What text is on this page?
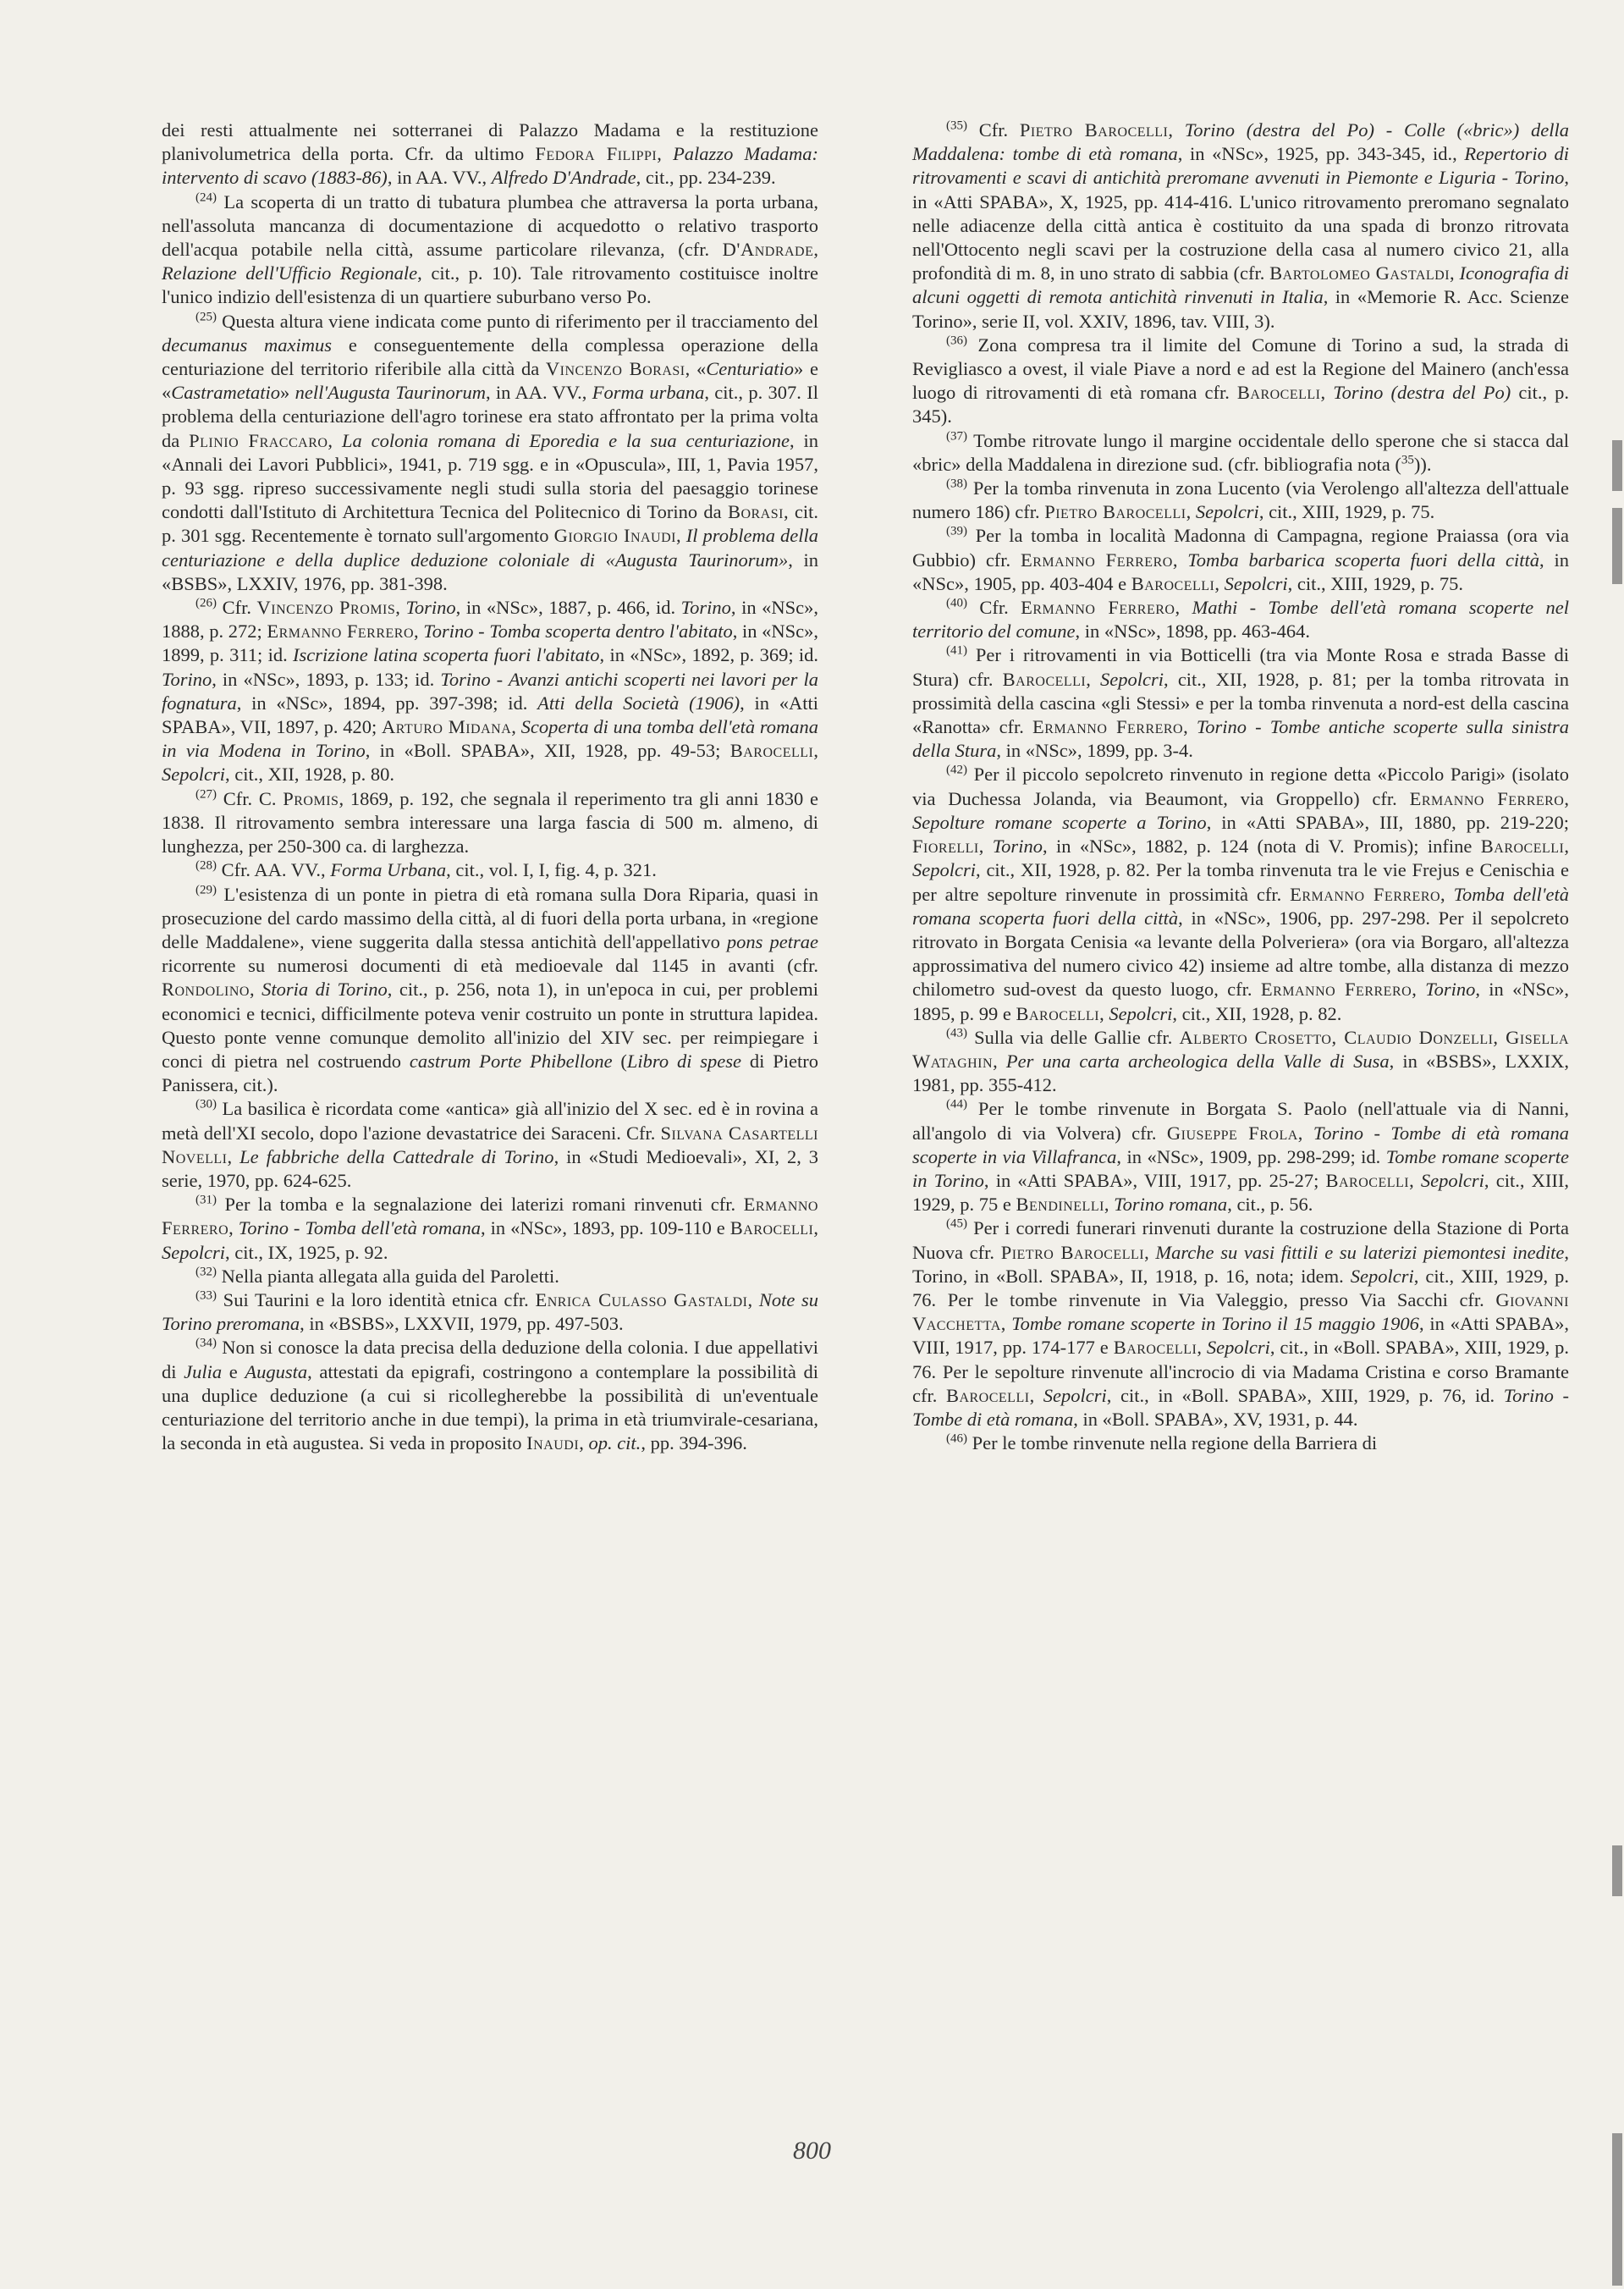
dei resti attualmente nei sotterranei di Palazzo Madama e la restituzione planivolumetrica della porta. Cfr. da ultimo Fedora Filippi, Palazzo Madama: intervento di scavo (1883-86), in AA. VV., Alfredo D'Andrade, cit., pp. 234-239.

$^{(24)}$ La scoperta di un tratto di tubatura plumbea che attraversa la porta urbana, nell'assoluta mancanza di documentazione di acquedotto o relativo trasporto dell'acqua potabile nella città, assume particolare rilevanza, (cfr. D'Andrade, Relazione dell'Ufficio Regionale, cit., p. 10). Tale ritrovamento costituisce inoltre l'unico indizio dell'esistenza di un quartiere suburbano verso Po.

$^{(25)}$ Questa altura viene indicata come punto di riferimento per il tracciamento del decumanus maximus e conseguentemente della complessa operazione della centuriazione del territorio riferibile alla città da Vincenzo Borasi, «Centuriatio» e «Castrametatio» nell'Augusta Taurinorum, in AA. VV., Forma urbana, cit., p. 307. Il problema della centuriazione dell'agro torinese era stato affrontato per la prima volta da Plinio Fraccaro, La colonia romana di Eporedia e la sua centuriazione, in «Annali dei Lavori Pubblici», 1941, p. 719 sgg. e in «Opuscula», III, 1, Pavia 1957, p. 93 sgg. ripreso successivamente negli studi sulla storia del paesaggio torinese condotti dall'Istituto di Architettura Tecnica del Politecnico di Torino da Borasi, cit. p. 301 sgg. Recentemente è tornato sull'argomento Giorgio Inaudi, Il problema della centuriazione e della duplice deduzione coloniale di «Augusta Taurinorum», in «BSBS», LXXIV, 1976, pp. 381-398.

$^{(26)}$ Cfr. Vincenzo Promis, Torino, in «NSc», 1887, p. 466, id. Torino, in «NSc», 1888, p. 272; Ermanno Ferrero, Torino - Tomba scoperta dentro l'abitato, in «NSc», 1899, p. 311; id. Iscrizione latina scoperta fuori l'abitato, in «NSc», 1892, p. 369; id. Torino, in «NSc», 1893, p. 133; id. Torino - Avanzi antichi scoperti nei lavori per la fognatura, in «NSc», 1894, pp. 397-398; id. Atti della Società (1906), in «Atti SPABA», VII, 1897, p. 420; Arturo Midana, Scoperta di una tomba dell'età romana in via Modena in Torino, in «Boll. SPABA», XII, 1928, pp. 49-53; Barocelli, Sepolcri, cit., XII, 1928, p. 80.

$^{(27)}$ Cfr. C. Promis, 1869, p. 192, che segnala il reperimento tra gli anni 1830 e 1838. Il ritrovamento sembra interessare una larga fascia di 500 m. almeno, di lunghezza, per 250-300 ca. di larghezza.

$^{(28)}$ Cfr. AA. VV., Forma Urbana, cit., vol. I, I, fig. 4, p. 321.

$^{(29)}$ L'esistenza di un ponte in pietra di età romana sulla Dora Riparia, quasi in prosecuzione del cardo massimo della città, al di fuori della porta urbana, in «regione delle Maddalene», viene suggerita dalla stessa antichità dell'appellativo pons petrae ricorrente su numerosi documenti di età medioevale dal 1145 in avanti (cfr. Rondolino, Storia di Torino, cit., p. 256, nota 1), in un'epoca in cui, per problemi economici e tecnici, difficilmente poteva venir costruito un ponte in struttura lapidea. Questo ponte venne comunque demolito all'inizio del XIV sec. per reimpiegare i conci di pietra nel costruendo castrum Porte Phibellone (Libro di spese di Pietro Panissera, cit.).

$^{(30)}$ La basilica è ricordata come «antica» già all'inizio del X sec. ed è in rovina a metà dell'XI secolo, dopo l'azione devastatrice dei Saraceni. Cfr. Silvana Casartelli Novelli, Le fabbriche della Cattedrale di Torino, in «Studi Medioevali», XI, 2, 3 serie, 1970, pp. 624-625.

$^{(31)}$ Per la tomba e la segnalazione dei laterizi romani rinvenuti cfr. Ermanno Ferrero, Torino - Tomba dell'età romana, in «NSc», 1893, pp. 109-110 e Barocelli, Sepolcri, cit., IX, 1925, p. 92.

$^{(32)}$ Nella pianta allegata alla guida del Paroletti.

$^{(33)}$ Sui Taurini e la loro identità etnica cfr. Enrica Culasso Gastaldi, Note su Torino preromana, in «BSBS», LXXVII, 1979, pp. 497-503.

$^{(34)}$ Non si conosce la data precisa della deduzione della colonia. I due appellativi di Julia e Augusta, attestati da epigrafi, costringono a contemplare la possibilità di una duplice deduzione (a cui si ricollegherebbe la possibilità di un'eventuale centuriazione del territorio anche in due tempi), la prima in età triumvirale-cesariana, la seconda in età augustea. Si veda in proposito Inaudi, op. cit., pp. 394-396.

$^{(35)}$ Cfr. Pietro Barocelli, Torino (destra del Po) - Colle («bric») della Maddalena: tombe di età romana, in «NSc», 1925, pp. 343-345, id., Repertorio di ritrovamenti e scavi di antichità preromane avvenuti in Piemonte e Liguria - Torino, in «Atti SPABA», X, 1925, pp. 414-416. L'unico ritrovamento preromano segnalato nelle adiacenze della città antica è costituito da una spada di bronzo ritrovata nell'Ottocento negli scavi per la costruzione della casa al numero civico 21, alla profondità di m. 8, in uno strato di sabbia (cfr. Bartolomeo Gastaldi, Iconografia di alcuni oggetti di remota antichità rinvenuti in Italia, in «Memorie R. Acc. Scienze Torino», serie II, vol. XXIV, 1896, tav. VIII, 3).

$^{(36)}$ Zona compresa tra il limite del Comune di Torino a sud, la strada di Revigliasco a ovest, il viale Piave a nord e ad est la Regione del Mainero (anch'essa luogo di ritrovamenti di età romana cfr. Barocelli, Torino (destra del Po) cit., p. 345).

$^{(37)}$ Tombe ritrovate lungo il margine occidentale dello sperone che si stacca dal «bric» della Maddalena in direzione sud. (cfr. bibliografia nota ($^{35}$)).

$^{(38)}$ Per la tomba rinvenuta in zona Lucento (via Verolengo all'altezza dell'attuale numero 186) cfr. Pietro Barocelli, Sepolcri, cit., XIII, 1929, p. 75.

$^{(39)}$ Per la tomba in località Madonna di Campagna, regione Praiassa (ora via Gubbio) cfr. Ermanno Ferrero, Tomba barbarica scoperta fuori della città, in «NSc», 1905, pp. 403-404 e Barocelli, Sepolcri, cit., XIII, 1929, p. 75.

$^{(40)}$ Cfr. Ermanno Ferrero, Mathi - Tombe dell'età romana scoperte nel territorio del comune, in «NSc», 1898, pp. 463-464.

$^{(41)}$ Per i ritrovamenti in via Botticelli (tra via Monte Rosa e strada Basse di Stura) cfr. Barocelli, Sepolcri, cit., XII, 1928, p. 81; per la tomba ritrovata in prossimità della cascina «gli Stessi» e per la tomba rinvenuta a nord-est della cascina «Ranotta» cfr. Ermanno Ferrero, Torino - Tombe antiche scoperte sulla sinistra della Stura, in «NSc», 1899, pp. 3-4.

$^{(42)}$ Per il piccolo sepolcreto rinvenuto in regione detta «Piccolo Parigi» (isolato via Duchessa Jolanda, via Beaumont, via Groppello) cfr. Ermanno Ferrero, Sepolture romane scoperte a Torino, in «Atti SPABA», III, 1880, pp. 219-220; Fiorelli, Torino, in «NSc», 1882, p. 124 (nota di V. Promis); infine Barocelli, Sepolcri, cit., XII, 1928, p. 82. Per la tomba rinvenuta tra le vie Frejus e Cenischia e per altre sepolture rinvenute in prossimità cfr. Ermanno Ferrero, Tomba dell'età romana scoperta fuori della città, in «NSc», 1906, pp. 297-298. Per il sepolcreto ritrovato in Borgata Cenisia «a levante della Polveriera» (ora via Borgaro, all'altezza approssimativa del numero civico 42) insieme ad altre tombe, alla distanza di mezzo chilometro sud-ovest da questo luogo, cfr. Ermanno Ferrero, Torino, in «NSc», 1895, p. 99 e Barocelli, Sepolcri, cit., XII, 1928, p. 82.

$^{(43)}$ Sulla via delle Gallie cfr. Alberto Crosetto, Claudio Donzelli, Gisella Wataghin, Per una carta archeologica della Valle di Susa, in «BSBS», LXXIX, 1981, pp. 355-412.

$^{(44)}$ Per le tombe rinvenute in Borgata S. Paolo (nell'attuale via di Nanni, all'angolo di via Volvera) cfr. Giuseppe Frola, Torino - Tombe di età romana scoperte in via Villafranca, in «NSc», 1909, pp. 298-299; id. Tombe romane scoperte in Torino, in «Atti SPABA», VIII, 1917, pp. 25-27; Barocelli, Sepolcri, cit., XIII, 1929, p. 75 e Bendinelli, Torino romana, cit., p. 56.

$^{(45)}$ Per i corredi funerari rinvenuti durante la costruzione della Stazione di Porta Nuova cfr. Pietro Barocelli, Marche su vasi fittili e su laterizi piemontesi inedite, Torino, in «Boll. SPABA», II, 1918, p. 16, nota; idem. Sepolcri, cit., XIII, 1929, p. 76. Per le tombe rinvenute in Via Valeggio, presso Via Sacchi cfr. Giovanni Vacchetta, Tombe romane scoperte in Torino il 15 maggio 1906, in «Atti SPABA», VIII, 1917, pp. 174-177 e Barocelli, Sepolcri, cit., in «Boll. SPABA», XIII, 1929, p. 76. Per le sepolture rinvenute all'incrocio di via Madama Cristina e corso Bramante cfr. Barocelli, Sepolcri, cit., in «Boll. SPABA», XIII, 1929, p. 76, id. Torino - Tombe di età romana, in «Boll. SPABA», XV, 1931, p. 44.

$^{(46)}$ Per le tombe rinvenute nella regione della Barriera di

800
